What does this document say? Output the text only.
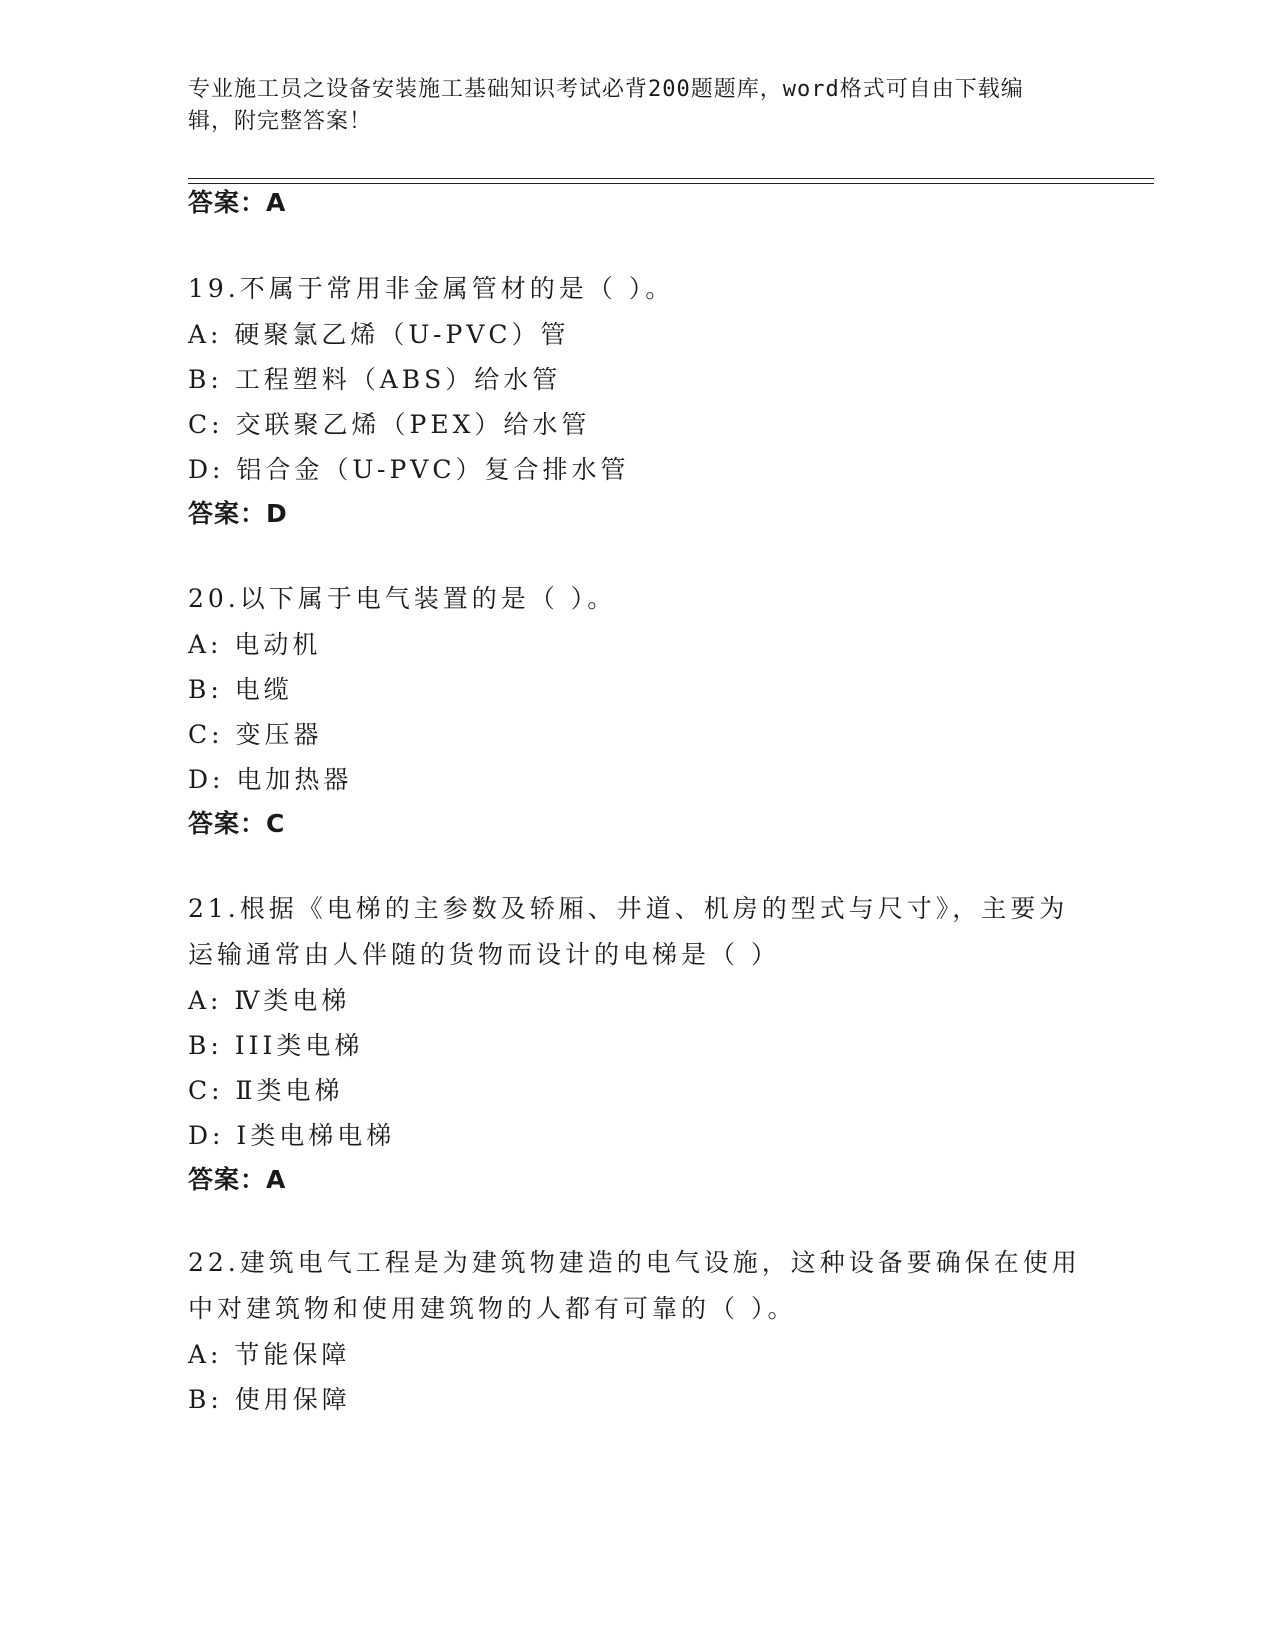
专业施工员之设备安装施工基础知识考试必背200题题库，word格式可自由下载编辑，附完整答案！
答案：A

19.不属于常用非金属管材的是（ ）。

A: 硬聚氯乙烯（U-PVC）管

B: 工程塑料（ABS）给水管

C: 交联聚乙烯（PEX）给水管

D: 铝合金（U-PVC）复合排水管

答案：D

20.以下属于电气装置的是（ ）。

A: 电动机

B: 电缆

C: 变压器

D: 电加热器

答案：C

21.根据《电梯的主参数及轿厢、井道、机房的型式与尺寸》，主要为运输通常由人伴随的货物而设计的电梯是（ ）

A: Ⅳ类电梯

B: III类电梯

C: Ⅱ类电梯

D: Ⅰ类电梯电梯

答案：A

22.建筑电气工程是为建筑物建造的电气设施，这种设备要确保在使用中对建筑物和使用建筑物的人都有可靠的（ ）。

A: 节能保障

B: 使用保障
